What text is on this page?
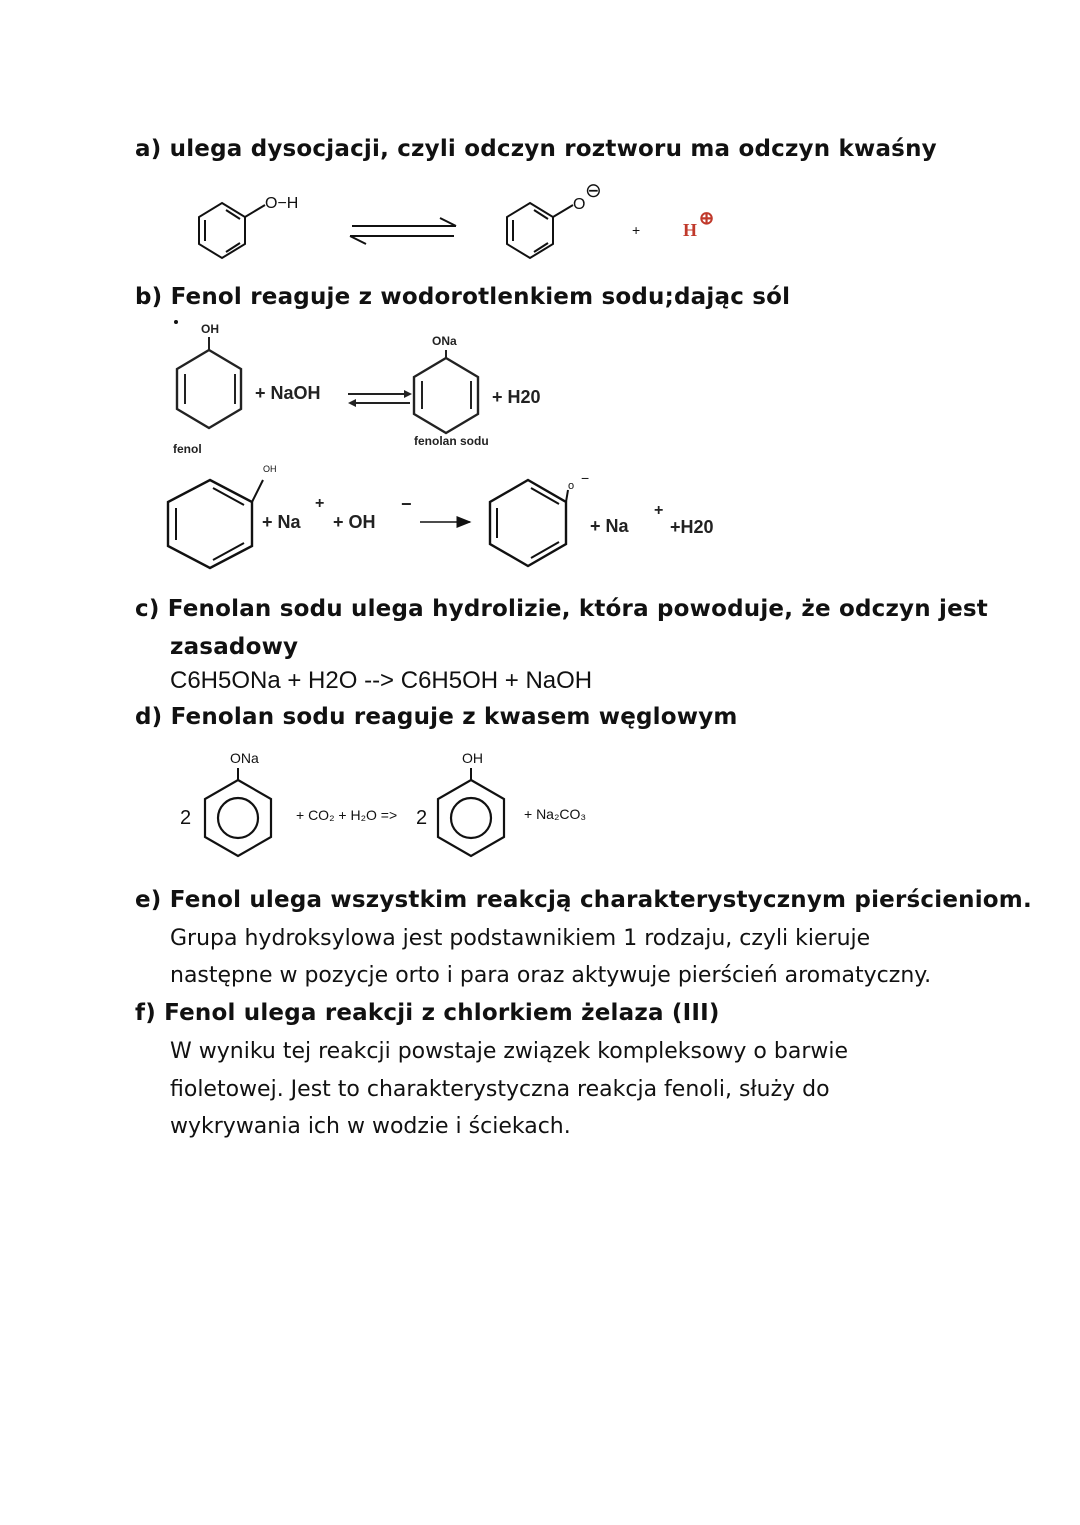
a) ulega dysocjacji, czyli odczyn roztworu ma odczyn kwaśny
O−H	O
⊖
+ H
⊕
b) Fenol reaguje z wodorotlenkiem sodu;dając sól
OH
fenol
+ NaOH
ONa
fenolan sodu
+ H20
OH
+ Na
+
+ OH
−
o −
+ Na
+
+H20
c) Fenolan sodu ulega hydrolizie, która powoduje, że odczyn jest
zasadowy
C6H5ONa + H2O --> C6H5OH + NaOH
d) Fenolan sodu reaguje z kwasem węglowym
2
ONa
+ CO₂ + H₂O => 2
OH
+ Na₂CO₃
e) Fenol ulega wszystkim reakcją charakterystycznym pierścieniom.
Grupa hydroksylowa jest podstawnikiem 1 rodzaju, czyli kieruje
następne w pozycje orto i para oraz aktywuje pierścień aromatyczny.
f) Fenol ulega reakcji z chlorkiem żelaza (III)
W wyniku tej reakcji powstaje związek kompleksowy o barwie
fioletowej. Jest to charakterystyczna reakcja fenoli, służy do
wykrywania ich w wodzie i ściekach.
